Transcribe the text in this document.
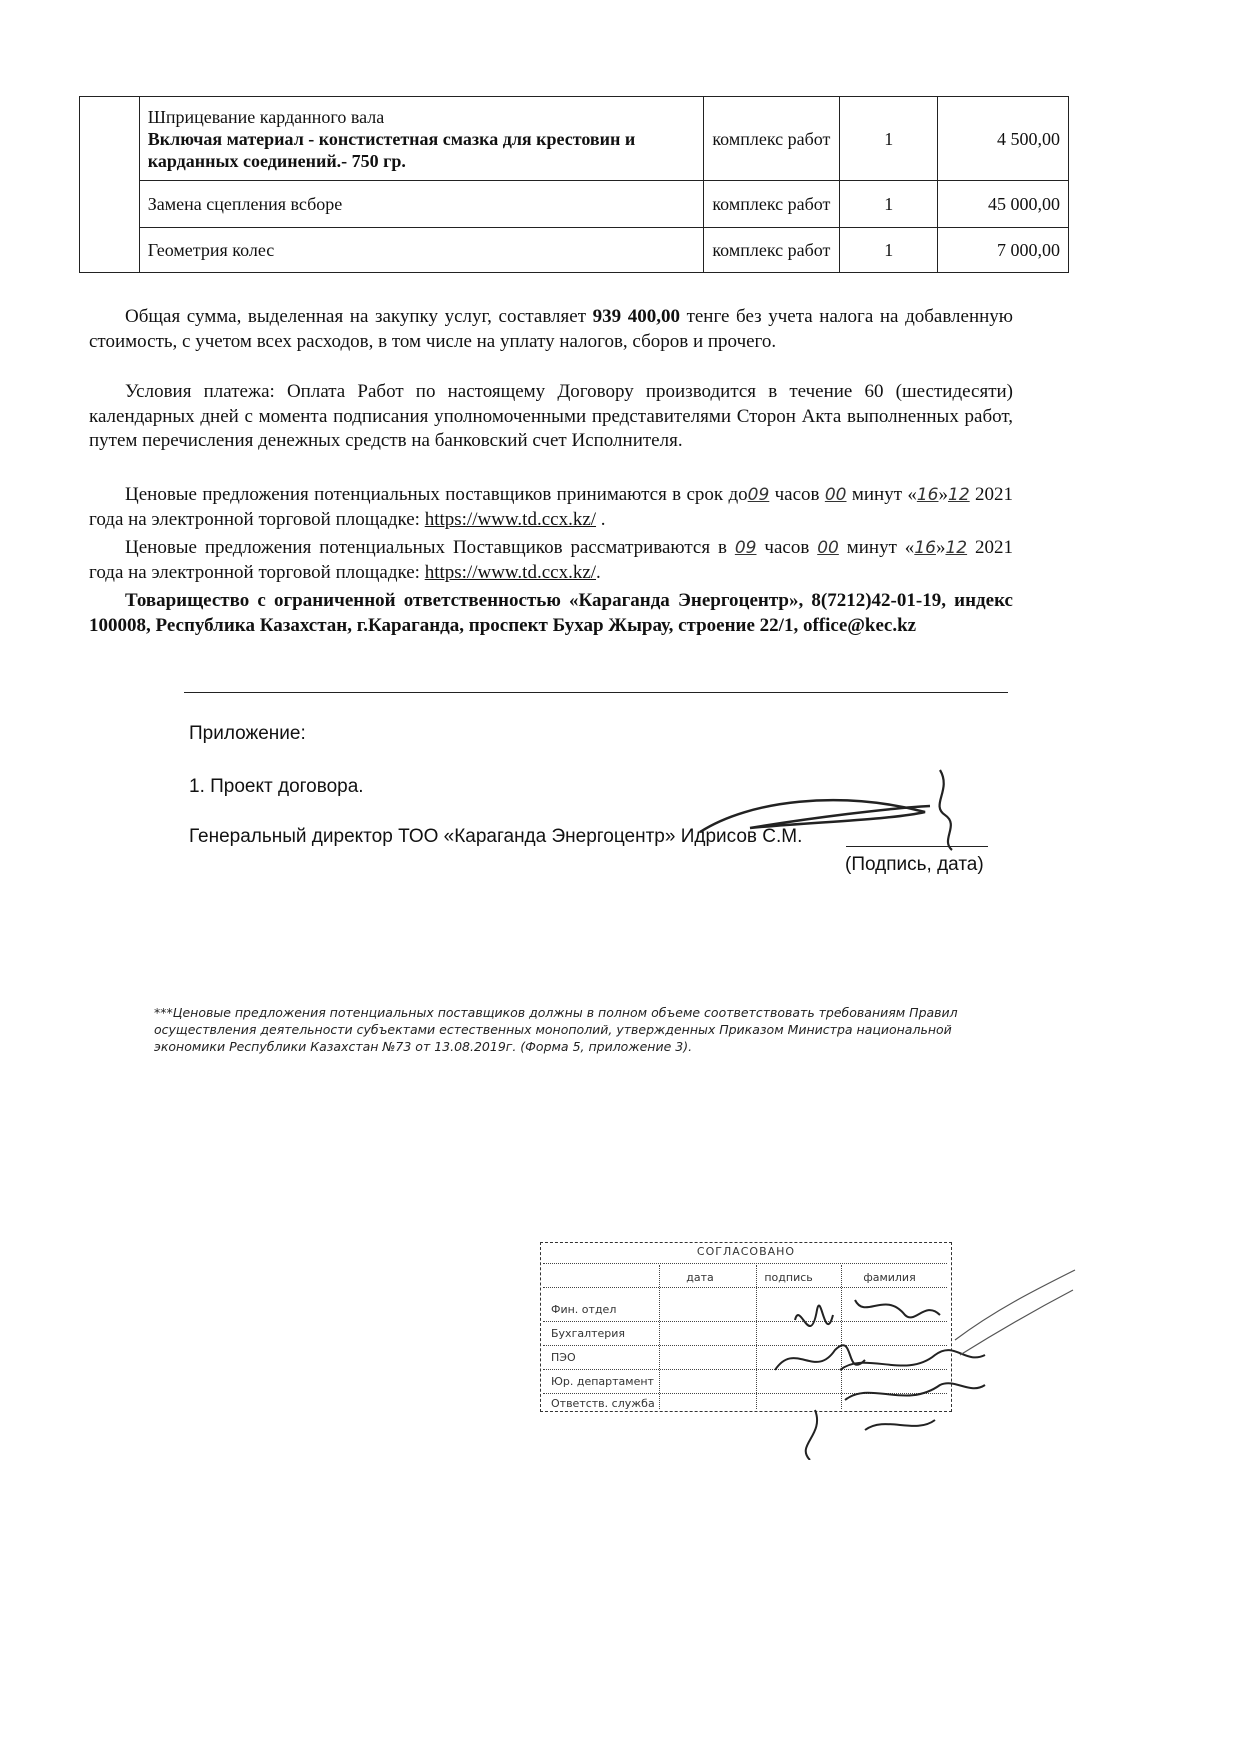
	Шприцевание карданного вала
Включая материал - констистетная смазка для крестовин и карданных соединений.- 750 гр.	комплекс работ	1	4 500,00
	Замена сцепления всборе	комплекс работ	1	45 000,00
	Геометрия колес	комплекс работ	1	7 000,00
Общая сумма, выделенная на закупку услуг, составляет 939 400,00 тенге без учета налога на добавленную стоимость, с учетом всех расходов, в том числе на уплату налогов, сборов и прочего.
Условия платежа: Оплата Работ по настоящему Договору производится в течение 60 (шестидесяти) календарных дней с момента подписания уполномоченными представителями Сторон Акта выполненных работ, путем перечисления денежных средств на банковский счет Исполнителя.
Ценовые предложения потенциальных поставщиков принимаются в срок до09 часов 00 минут «16»12 2021 года на электронной торговой площадке: https://www.td.ccx.kz/ .
Ценовые предложения потенциальных Поставщиков рассматриваются в 09 часов 00 минут «16»12 2021 года на электронной торговой площадке: https://www.td.ccx.kz/.
Товарищество с ограниченной ответственностью «Караганда Энергоцентр», 8(7212)42-01-19, индекс 100008, Республика Казахстан, г.Караганда, проспект Бухар Жырау, строение 22/1, office@kec.kz
Приложение:
1. Проект договора.
Генеральный директор ТОО «Караганда Энергоцентр» Идрисов С.М.
(Подпись, дата)
***Ценовые предложения потенциальных поставщиков должны в полном объеме соответствовать требованиям Правил осуществления деятельности субъектами естественных монополий, утвержденных Приказом Министра национальной экономики Республики Казахстан №73 от 13.08.2019г. (Форма 5, приложение 3).
СОГЛАСОВАНО
дата	подпись	фамилия
Фин. отдел
Бухгалтерия
ПЭО
Юр. департамент
Ответств. служба
